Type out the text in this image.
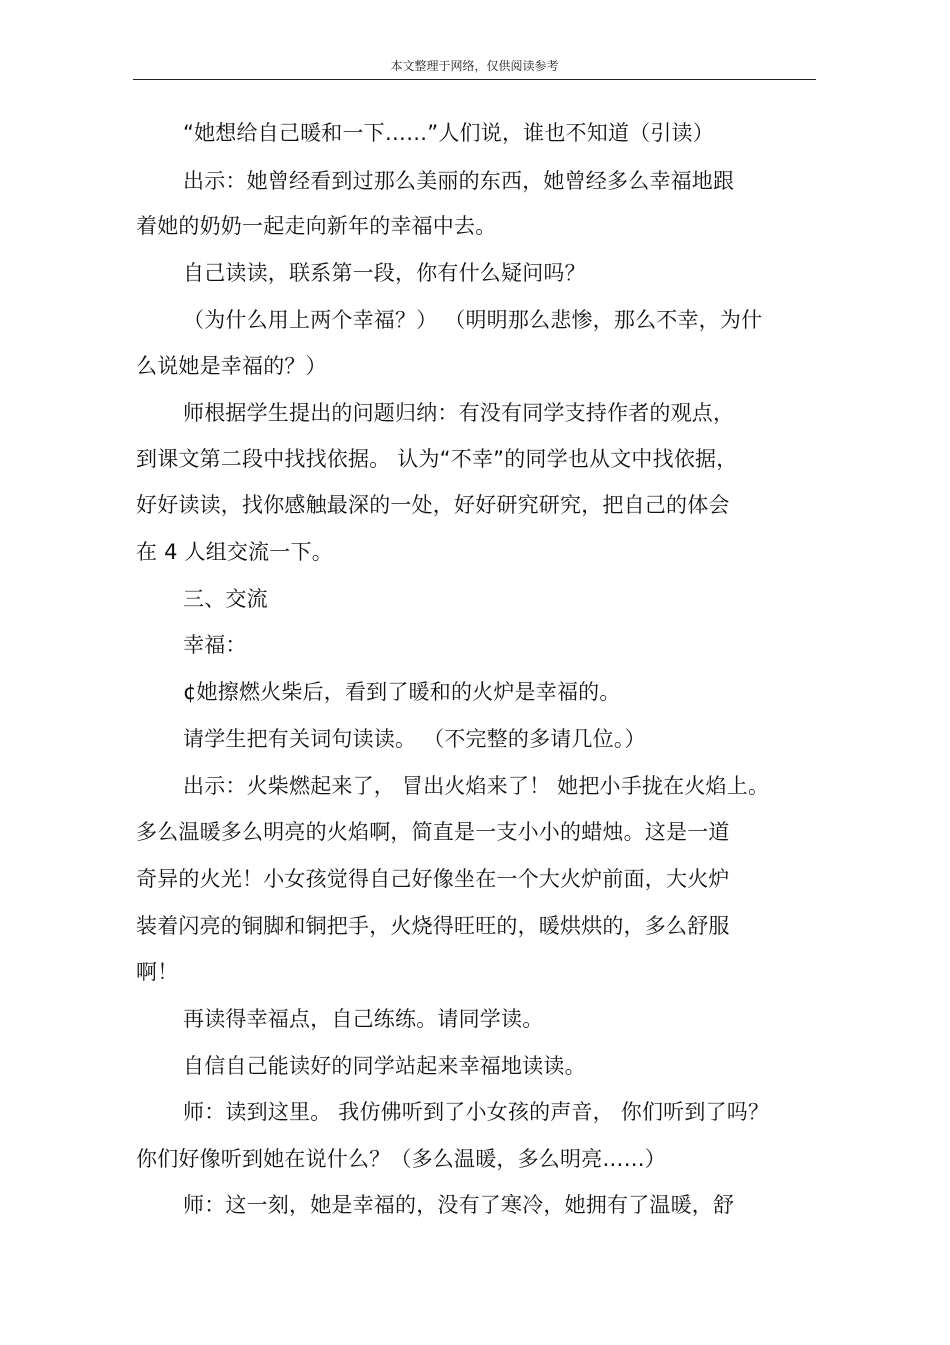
本文整理于网络，仅供阅读参考
“她想给自己暖和一下……”人们说，谁也不知道（引读）
出示：她曾经看到过那么美丽的东西，她曾经多么幸福地跟
着她的奶奶一起走向新年的幸福中去。
自己读读，联系第一段，你有什么疑问吗？
（为什么用上两个幸福？） （明明那么悲惨，那么不幸，为什
么说她是幸福的？）
师根据学生提出的问题归纳：有没有同学支持作者的观点，
到课文第二段中找找依据。 认为“不幸”的同学也从文中找依据，
好好读读，找你感触最深的一处，好好研究研究，把自己的体会
在 4 人组交流一下。
三、交流
幸福：
¢她擦燃火柴后，看到了暖和的火炉是幸福的。
请学生把有关词句读读。 （不完整的多请几位。）
出示：火柴燃起来了， 冒出火焰来了！ 她把小手拢在火焰上。
多么温暖多么明亮的火焰啊，简直是一支小小的蜡烛。这是一道
奇异的火光！小女孩觉得自己好像坐在一个大火炉前面，大火炉
装着闪亮的铜脚和铜把手，火烧得旺旺的，暖烘烘的，多么舒服
啊！
再读得幸福点，自己练练。请同学读。
自信自己能读好的同学站起来幸福地读读。
师：读到这里。 我仿佛听到了小女孩的声音， 你们听到了吗？
你们好像听到她在说什么？（多么温暖，多么明亮……）
师：这一刻，她是幸福的，没有了寒冷，她拥有了温暖，舒
